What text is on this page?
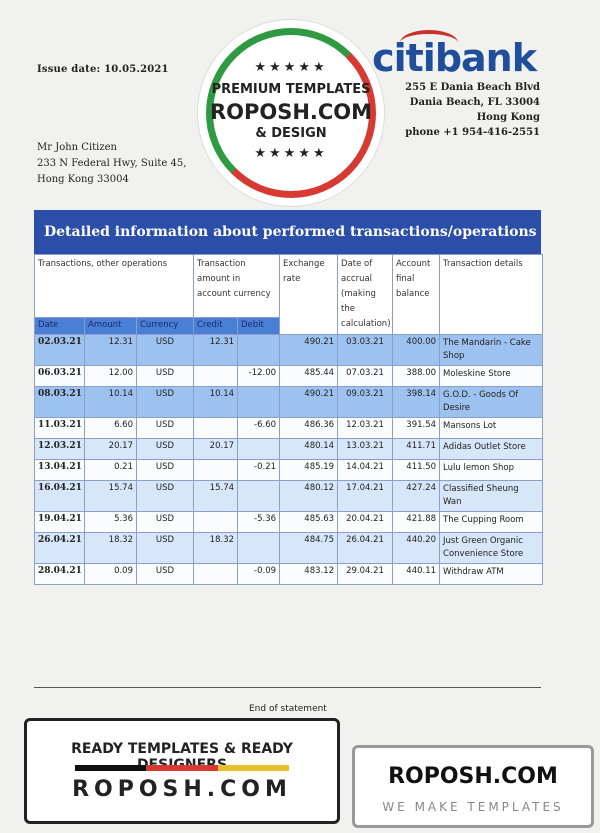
Issue date: 10.05.2021
Mr John Citizen
233 N Federal Hwy, Suite 45,
Hong Kong 33004
★★★★★
PREMIUM TEMPLATES
ROPOSH.COM
& DESIGN
★★★★★
citibank
255 E Dania Beach Blvd
Dania Beach, FL 33004
Hong Kong
phone +1 954-416-2551
Detailed information about performed transactions/operations
Transactions, other operations			Transaction amount in account currency		Exchange rate	Date of accrual (making the calculation)	Account final balance	Transaction details
Date	Amount	Currency	Credit	Debit				
02.03.21	12.31	USD	12.31		490.21	03.03.21	400.00	The Mandarin - Cake Shop
06.03.21	12.00	USD		-12.00	485.44	07.03.21	388.00	Moleskine Store
08.03.21	10.14	USD	10.14		490.21	09.03.21	398.14	G.O.D. - Goods Of Desire
11.03.21	6.60	USD		-6.60	486.36	12.03.21	391.54	Mansons Lot
12.03.21	20.17	USD	20.17		480.14	13.03.21	411.71	Adidas Outlet Store
13.04.21	0.21	USD		-0.21	485.19	14.04.21	411.50	Lulu lemon Shop
16.04.21	15.74	USD	15.74		480.12	17.04.21	427.24	Classified Sheung Wan
19.04.21	5.36	USD		-5.36	485.63	20.04.21	421.88	The Cupping Room
26.04.21	18.32	USD	18.32		484.75	26.04.21	440.20	Just Green Organic Convenience Store
28.04.21	0.09	USD		-0.09	483.12	29.04.21	440.11	Withdraw ATM
End of statement
READY TEMPLATES & READY
ROPOSH.COM
ROPOSH.COM
WE MAKE TEMPLATES
